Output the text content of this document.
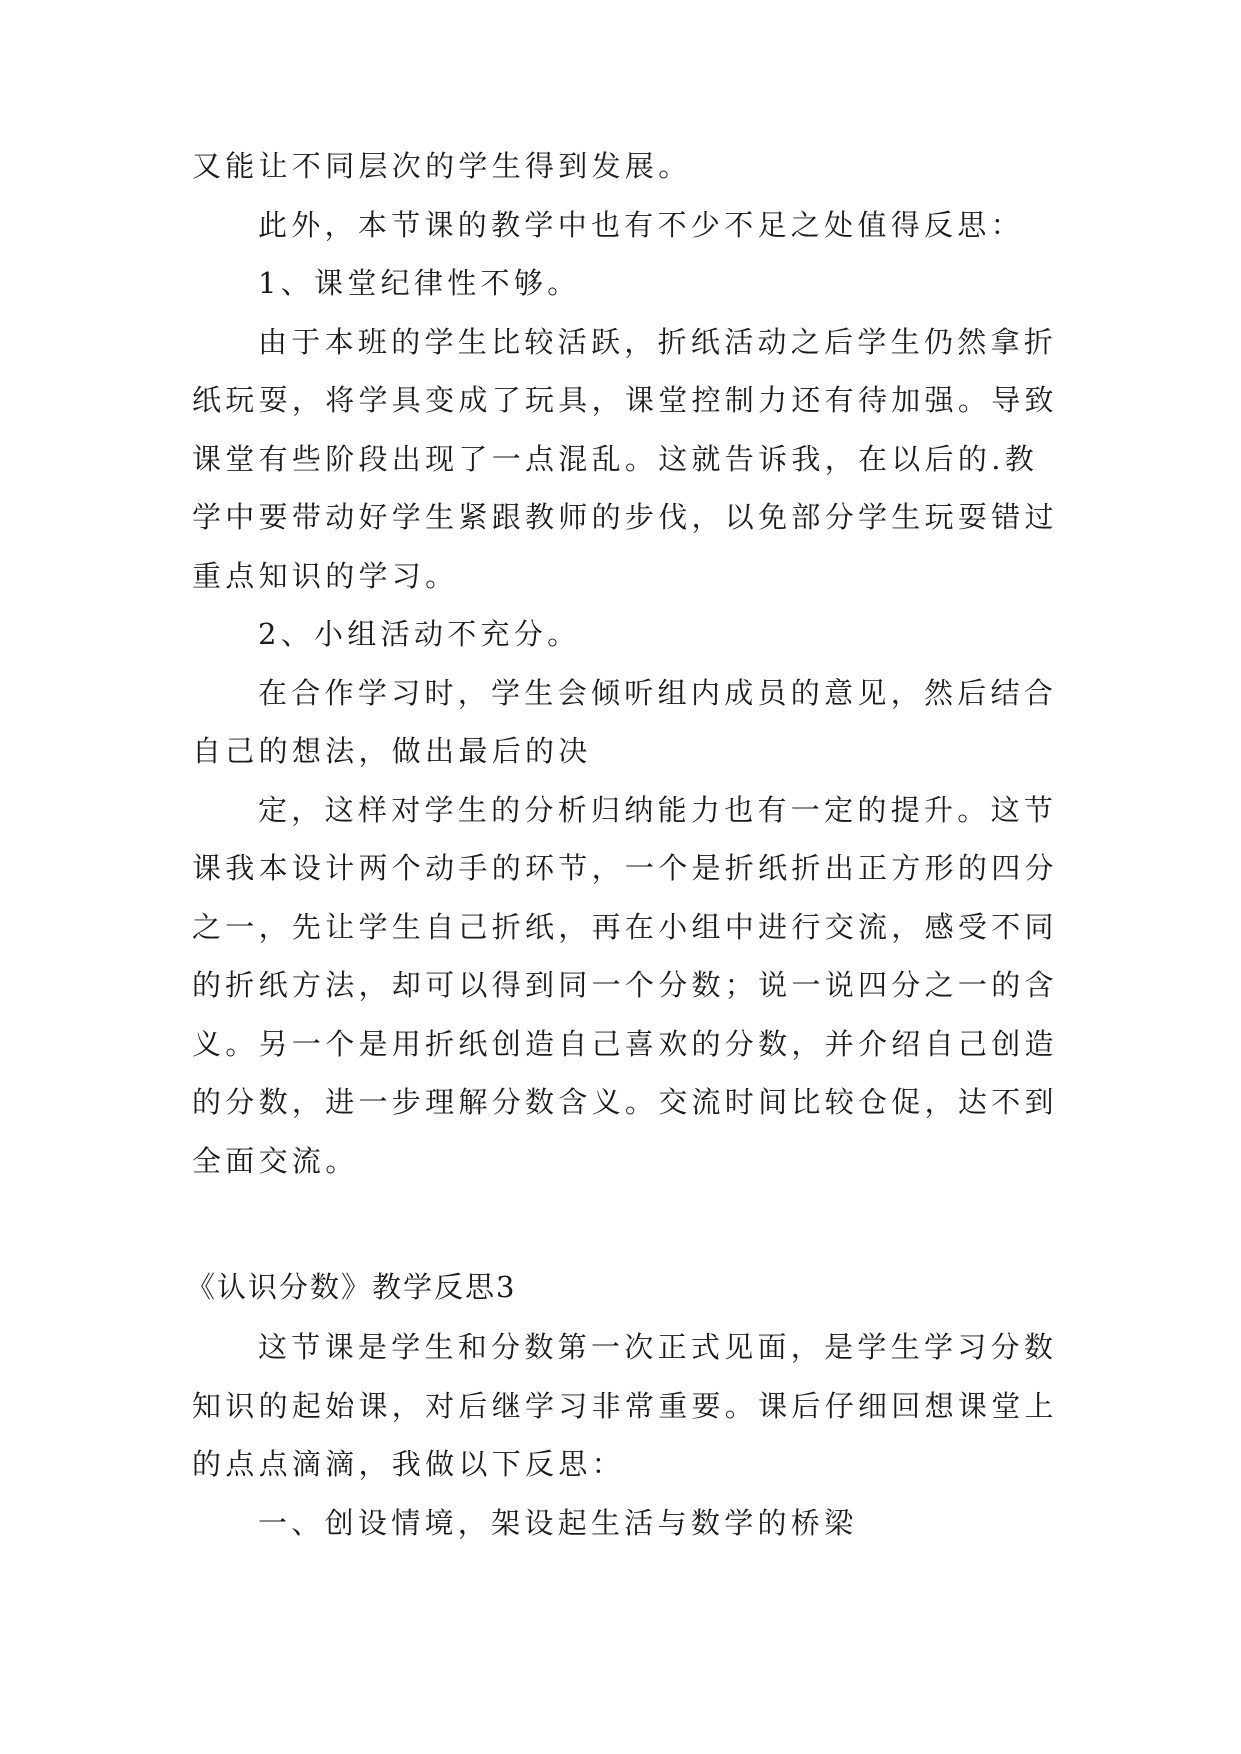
又能让不同层次的学生得到发展。
此外，本节课的教学中也有不少不足之处值得反思：
1、课堂纪律性不够。
由于本班的学生比较活跃，折纸活动之后学生仍然拿折
纸玩耍，将学具变成了玩具，课堂控制力还有待加强。导致
课堂有些阶段出现了一点混乱。这就告诉我，在以后的.教
学中要带动好学生紧跟教师的步伐，以免部分学生玩耍错过
重点知识的学习。
2、小组活动不充分。
在合作学习时，学生会倾听组内成员的意见，然后结合
自己的想法，做出最后的决
定，这样对学生的分析归纳能力也有一定的提升。这节
课我本设计两个动手的环节，一个是折纸折出正方形的四分
之一，先让学生自己折纸，再在小组中进行交流，感受不同
的折纸方法，却可以得到同一个分数；说一说四分之一的含
义。另一个是用折纸创造自己喜欢的分数，并介绍自己创造
的分数，进一步理解分数含义。交流时间比较仓促，达不到
全面交流。
《认识分数》教学反思3
这节课是学生和分数第一次正式见面，是学生学习分数
知识的起始课，对后继学习非常重要。课后仔细回想课堂上
的点点滴滴，我做以下反思：
一、创设情境，架设起生活与数学的桥梁
